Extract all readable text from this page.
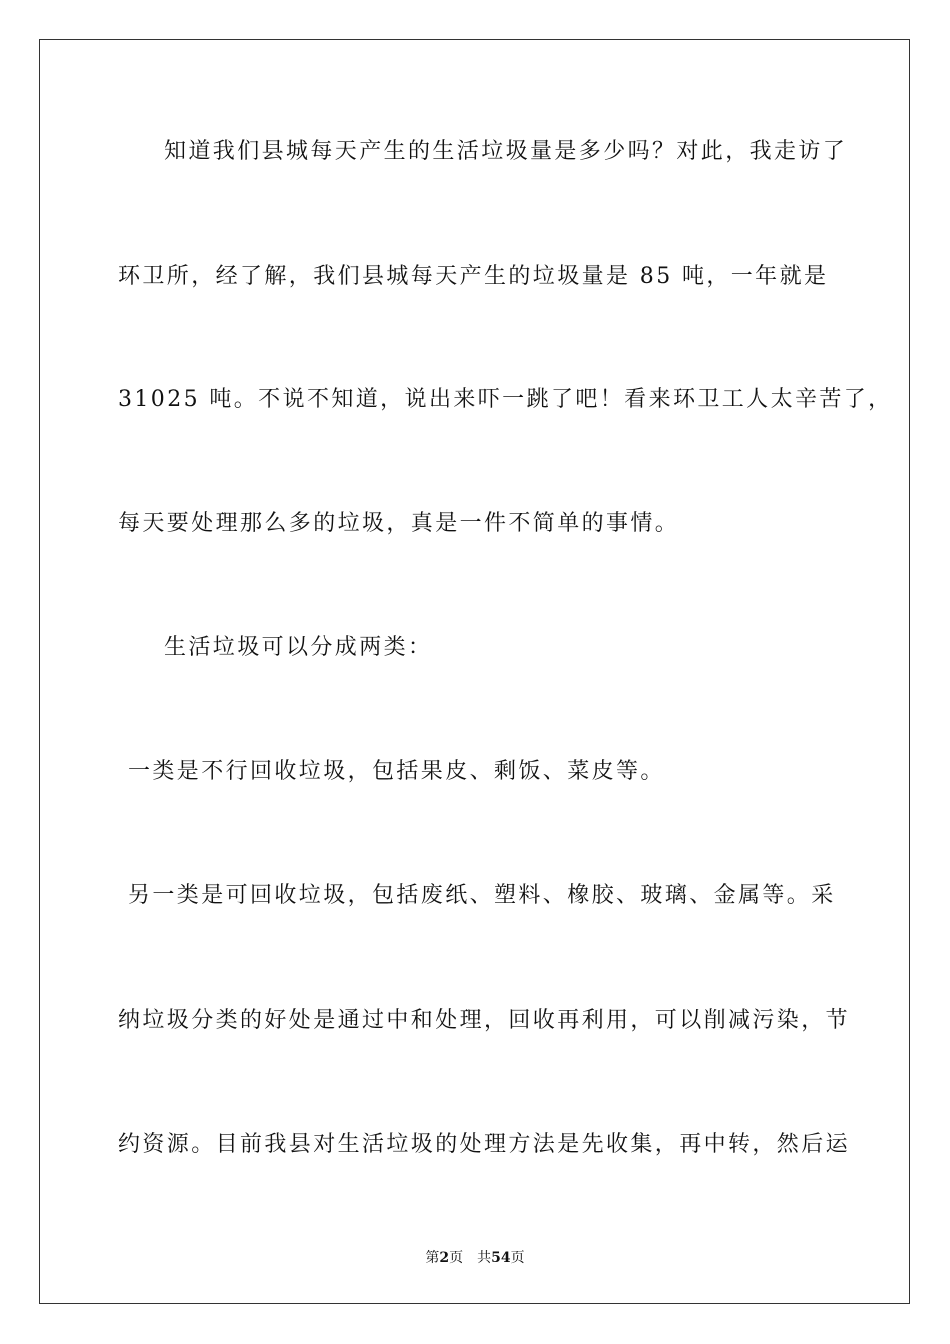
知道我们县城每天产生的生活垃圾量是多少吗？对此，我走访了
环卫所，经了解，我们县城每天产生的垃圾量是 85 吨，一年就是
31025 吨。不说不知道，说出来吓一跳了吧！看来环卫工人太辛苦了，
每天要处理那么多的垃圾，真是一件不简单的事情。
生活垃圾可以分成两类：
一类是不行回收垃圾，包括果皮、剩饭、菜皮等。
另一类是可回收垃圾，包括废纸、塑料、橡胶、玻璃、金属等。采
纳垃圾分类的好处是通过中和处理，回收再利用，可以削减污染，节
约资源。目前我县对生活垃圾的处理方法是先收集，再中转，然后运
第2页 共54页
